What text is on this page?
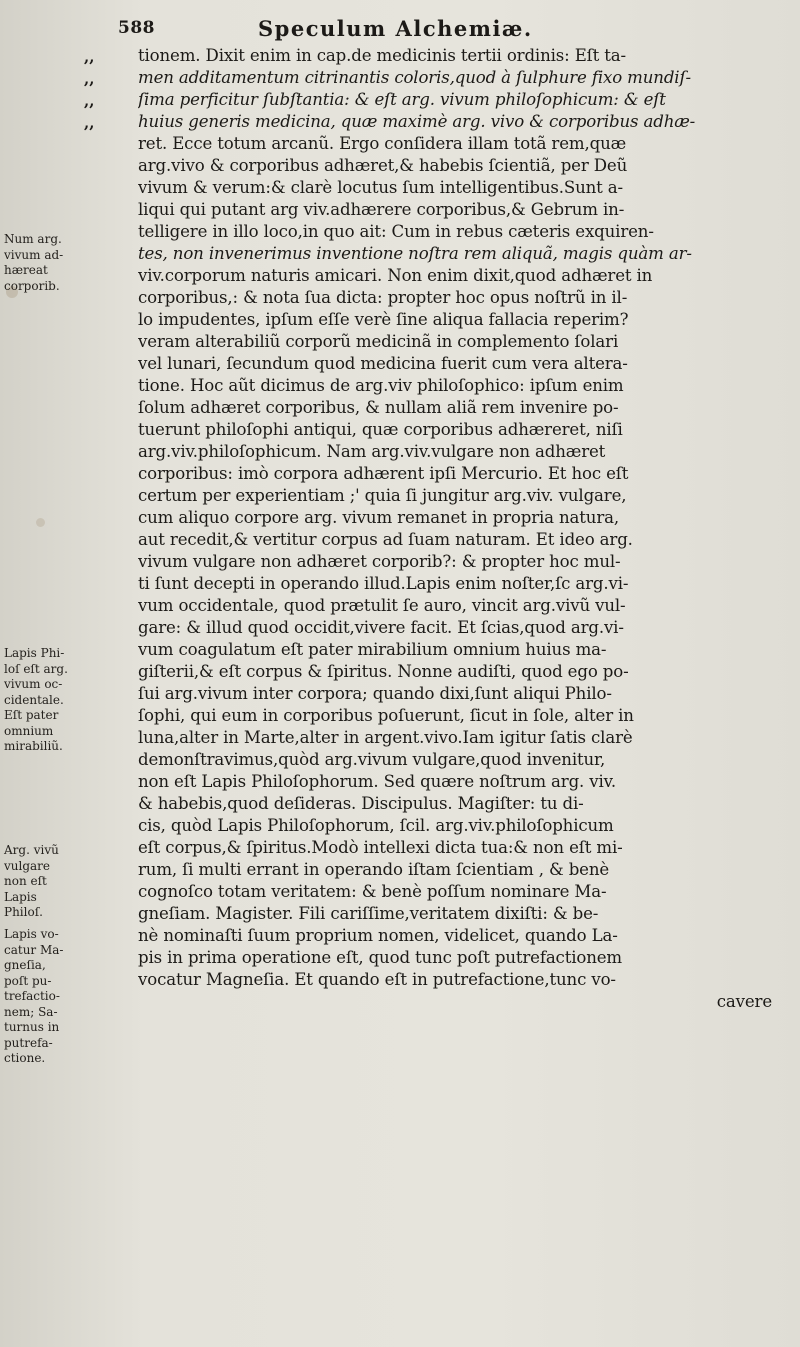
588	Speculum Alchemiæ.
,,
,,
,,
,,
tionem. Dixit enim in cap.de medicinis tertii ordinis: Eſt ta-
men additamentum citrinantis coloris,quod à ſulphure fixo mundiſ-
ſima perficitur ſubſtantia: & eſt arg. vivum philoſophicum: & eſt
huius generis medicina, quæ maximè arg. vivo & corporibus adhæ-
ret. Ecce totum arcanũ. Ergo conſidera illam totã rem,quæ
arg.vivo & corporibus adhæret,& habebis ſcientiã, per Deũ
vivum & verum:& clarè locutus ſum intelligentibus.Sunt a-
liqui qui putant arg viv.adhærere corporibus,& Gebrum in-
telligere in illo loco,in quo ait: Cum in rebus cæteris exquiren-
tes, non invenerimus inventione noſtra rem aliquã, magis quàm ar-
viv.corporum naturis amicari. Non enim dixit,quod adhæret in
corporibus,: & nota ſua dicta: propter hoc opus noſtrũ in il-
lo impudentes, ipſum eſſe verè ſine aliqua fallacia reperim?
veram alterabiliũ corporũ medicinã in complemento ſolari
vel lunari, ſecundum quod medicina fuerit cum vera altera-
tione. Hoc aũt dicimus de arg.viv philoſophico: ipſum enim
ſolum adhæret corporibus, & nullam aliã rem invenire po-
tuerunt philoſophi antiqui, quæ corporibus adhæreret, niſi
arg.viv.philoſophicum. Nam arg.viv.vulgare non adhæret
corporibus: imò corpora adhærent ipſi Mercurio. Et hoc eſt
certum per experientiam ;' quia ſi jungitur arg.viv. vulgare,
cum aliquo corpore arg. vivum remanet in propria natura,
aut recedit,& vertitur corpus ad ſuam naturam. Et ideo arg.
vivum vulgare non adhæret corporib?: & propter hoc mul-
ti ſunt decepti in operando illud.Lapis enim noſter,ſc arg.vi-
vum occidentale, quod prætulit ſe auro, vincit arg.vivũ vul-
gare: & illud quod occidit,vivere facit. Et ſcias,quod arg.vi-
vum coagulatum eſt pater mirabilium omnium huius ma-
giſterii,& eſt corpus & ſpiritus. Nonne audiſti, quod ego po-
ſui arg.vivum inter corpora; quando dixi,ſunt aliqui Philo-
ſophi, qui eum in corporibus poſuerunt, ſicut in ſole, alter in
luna,alter in Marte,alter in argent.vivo.Iam igitur ſatis clarè
demonſtravimus,quòd arg.vivum vulgare,quod invenitur,
non eſt Lapis Philoſophorum. Sed quære noſtrum arg. viv.
& habebis,quod deſideras. Discipulus. Magiſter: tu di-
cis, quòd Lapis Philoſophorum, ſcil. arg.viv.philoſophicum
eſt corpus,& ſpiritus.Modò intellexi dicta tua:& non eſt mi-
rum, ſi multi errant in operando iſtam ſcientiam , & benè
cognoſco totam veritatem: & benè poſſum nominare Ma-
gneſiam. Magister. Fili cariſſime,veritatem dixiſti: & be-
nè nominaſti ſuum proprium nomen, videlicet, quando La-
pis in prima operatione eſt, quod tunc poſt putrefactionem
vocatur Magneſia. Et quando eſt in putrefactione,tunc vo-
cavere
Num arg.
vivum ad-
hæreat
corporib.
Lapis Phi-
loſ eſt arg.
vivum oc-
cidentale.
Eſt pater
omnium
mirabiliũ.
Arg. vivũ
vulgare
non eſt
Lapis
Philoſ.
Lapis vo-
catur Ma-
gneſia,
poſt pu-
trefactio-
nem; Sa-
turnus in
putrefa-
ctione.
